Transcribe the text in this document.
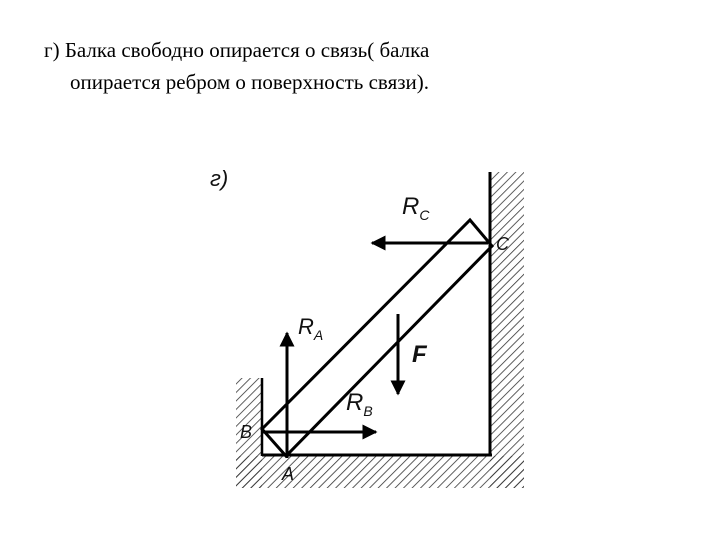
г) Балка свободно опирается о связь( балка
опирается ребром о поверхность связи).
г)
$R_C$
$R_A$
$R_B$
F
C
B
A
